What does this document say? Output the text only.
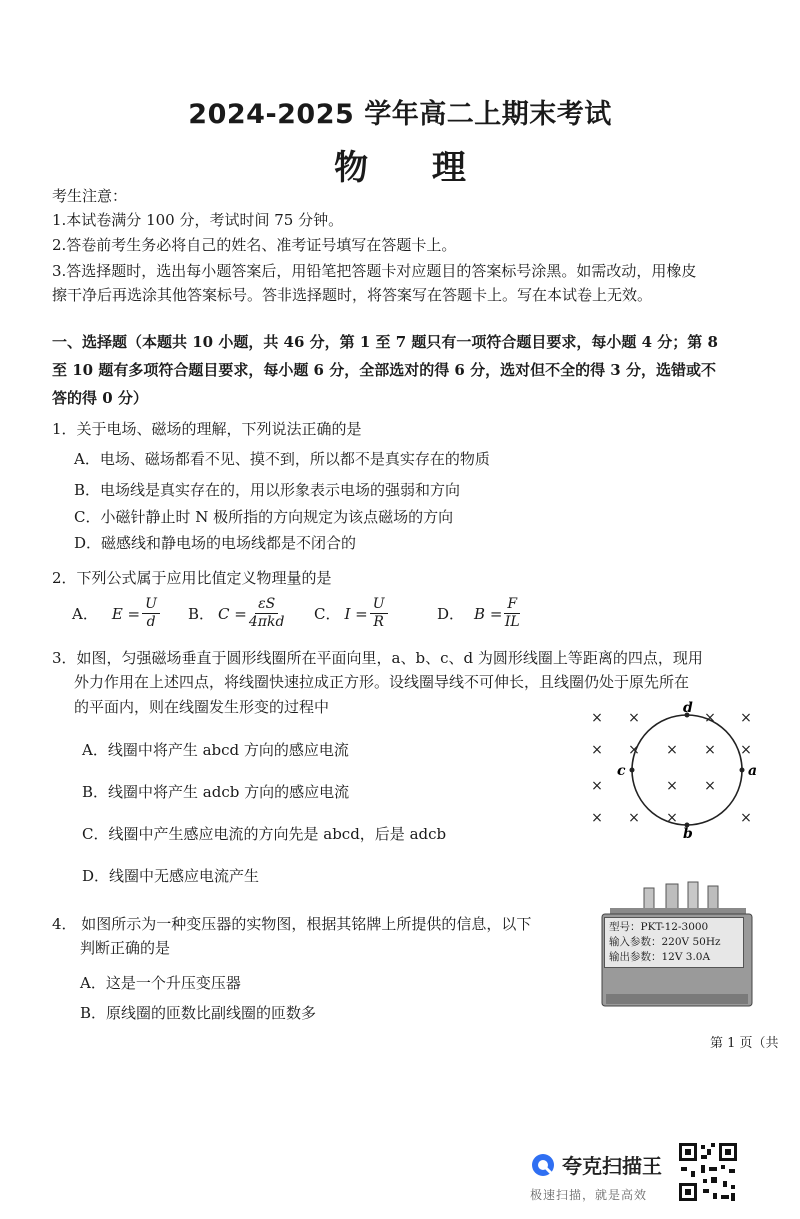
2024-2025 学年高二上期末考试
物 理
考生注意：
1.本试卷满分 100 分，考试时间 75 分钟。
2.答卷前考生务必将自己的姓名、准考证号填写在答题卡上。
3.答选择题时，选出每小题答案后，用铅笔把答题卡对应题目的答案标号涂黑。如需改动，用橡皮
擦干净后再选涂其他答案标号。答非选择题时，将答案写在答题卡上。写在本试卷上无效。
一、选择题（本题共 10 小题，共 46 分，第 1 至 7 题只有一项符合题目要求，每小题 4 分；第 8
至 10 题有多项符合题目要求，每小题 6 分，全部选对的得 6 分，选对但不全的得 3 分，选错或不
答的得 0 分）
1．关于电场、磁场的理解，下列说法正确的是
A．电场、磁场都看不见、摸不到，所以都不是真实存在的物质
B．电场线是真实存在的，用以形象表示电场的强弱和方向
C．小磁针静止时 N 极所指的方向规定为该点磁场的方向
D．磁感线和静电场的电场线都是不闭合的
2．下列公式属于应用比值定义物理量的是
A． $E = \frac{U}{d}$ B． $C = \frac{\varepsilon S}{\text{4πkd}}$ C． $I = \frac{U}{R}$	D． $B = \frac{F}{IL}$
3．如图，匀强磁场垂直于圆形线圈所在平面向里，a、b、c、d 为圆形线圈上等距离的四点，现用
外力作用在上述四点，将线圈快速拉成正方形。设线圈导线不可伸长，且线圈仍处于原先所在
的平面内，则在线圈发生形变的过程中
A．线圈中将产生 abcd 方向的感应电流
B．线圈中将产生 adcb 方向的感应电流
C．线圈中产生感应电流的方向先是 abcd，后是 adcb
D．线圈中无感应电流产生
×
×
×
×
×
×
×
×
×
×
×
×
×
×
×
×
a
b
c
d
4． 如图所示为一种变压器的实物图，根据其铭牌上所提供的信息，以下
判断正确的是
A．这是一个升压变压器
B．原线圈的匝数比副线圈的匝数多
型号：PKT-12-3000
输入参数：220V 50Hz
输出参数：12V 3.0A
第 1 页（共
夸克扫描王
极速扫描，就是高效
